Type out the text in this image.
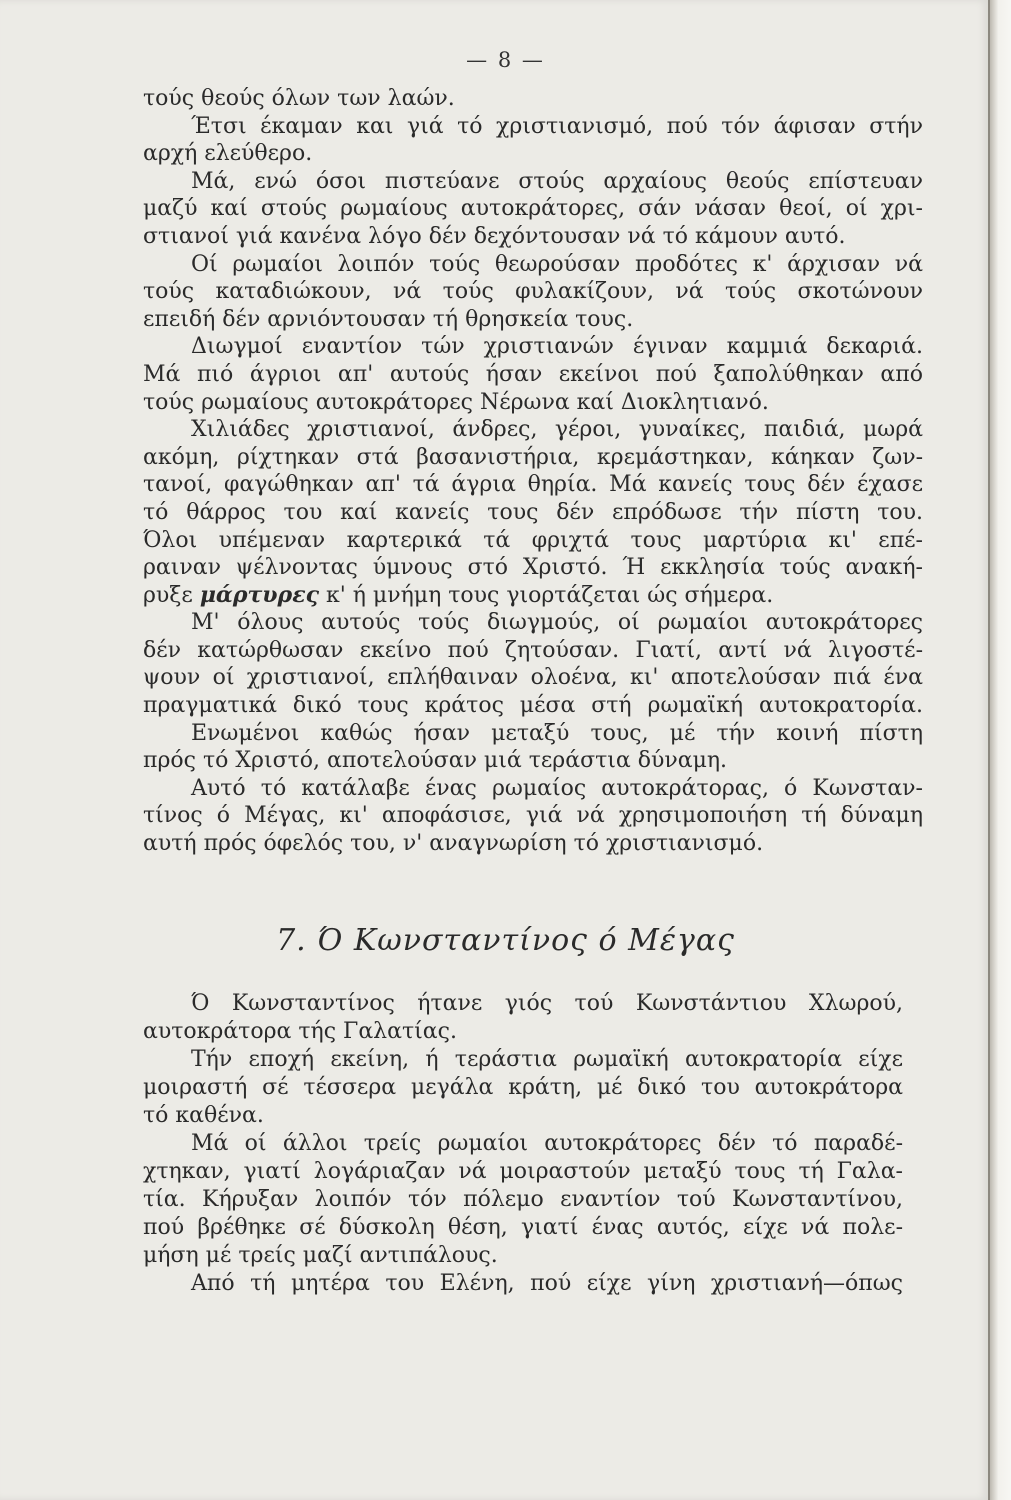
— 8 —
τούς θεούς όλων των λαών.
Έτσι έκαμαν και γιά τό χριστιανισμό, πού τόν άφισαν στήν
αρχή ελεύθερο.
Μά, ενώ όσοι πιστεύανε στούς αρχαίους θεούς επίστευαν
μαζύ καί στούς ρωμαίους αυτοκράτορες, σάν νάσαν θεοί, οί χρι-
στιανοί γιά κανένα λόγο δέν δεχόντουσαν νά τό κάμουν αυτό.
Οί ρωμαίοι λοιπόν τούς θεωρούσαν προδότες κ' άρχισαν νά
τούς καταδιώκουν, νά τούς φυλακίζουν, νά τούς σκοτώνουν
επειδή δέν αρνιόντουσαν τή θρησκεία τους.
Διωγμοί εναντίον τών χριστιανών έγιναν καμμιά δεκαριά.
Μά πιό άγριοι απ' αυτούς ήσαν εκείνοι πού ξαπολύθηκαν από
τούς ρωμαίους αυτοκράτορες Νέρωνα καί Διοκλητιανό.
Χιλιάδες χριστιανοί, άνδρες, γέροι, γυναίκες, παιδιά, μωρά
ακόμη, ρίχτηκαν στά βασανιστήρια, κρεμάστηκαν, κάηκαν ζων-
τανοί, φαγώθηκαν απ' τά άγρια θηρία. Μά κανείς τους δέν έχασε
τό θάρρος του καί κανείς τους δέν επρόδωσε τήν πίστη του.
Όλοι υπέμεναν καρτερικά τά φριχτά τους μαρτύρια κι' επέ-
ραιναν ψέλνοντας ύμνους στό Χριστό. Ή εκκλησία τούς ανακή-
ρυξε μάρτυρες κ' ή μνήμη τους γιορτάζεται ώς σήμερα.
Μ' όλους αυτούς τούς διωγμούς, οί ρωμαίοι αυτοκράτορες
δέν κατώρθωσαν εκείνο πού ζητούσαν. Γιατί, αντί νά λιγοστέ-
ψουν οί χριστιανοί, επλήθαιναν ολοένα, κι' αποτελούσαν πιά ένα
πραγματικά δικό τους κράτος μέσα στή ρωμαϊκή αυτοκρατορία.
Ενωμένοι καθώς ήσαν μεταξύ τους, μέ τήν κοινή πίστη
πρός τό Χριστό, αποτελούσαν μιά τεράστια δύναμη.
Αυτό τό κατάλαβε ένας ρωμαίος αυτοκράτορας, ό Κωνσταν-
τίνος ό Μέγας, κι' αποφάσισε, γιά νά χρησιμοποιήση τή δύναμη
αυτή πρός όφελός του, ν' αναγνωρίση τό χριστιανισμό.
7. Ό Κωνσταντίνος ό Μέγας
Ό Κωνσταντίνος ήτανε γιός τού Κωνστάντιου Χλωρού,
αυτοκράτορα τής Γαλατίας.
Τήν εποχή εκείνη, ή τεράστια ρωμαϊκή αυτοκρατορία είχε
μοιραστή σέ τέσσερα μεγάλα κράτη, μέ δικό του αυτοκράτορα
τό καθένα.
Μά οί άλλοι τρείς ρωμαίοι αυτοκράτορες δέν τό παραδέ-
χτηκαν, γιατί λογάριαζαν νά μοιραστούν μεταξύ τους τή Γαλα-
τία. Κήρυξαν λοιπόν τόν πόλεμο εναντίον τού Κωνσταντίνου,
πού βρέθηκε σέ δύσκολη θέση, γιατί ένας αυτός, είχε νά πολε-
μήση μέ τρείς μαζί αντιπάλους.
Από τή μητέρα του Ελένη, πού είχε γίνη χριστιανή—όπως
